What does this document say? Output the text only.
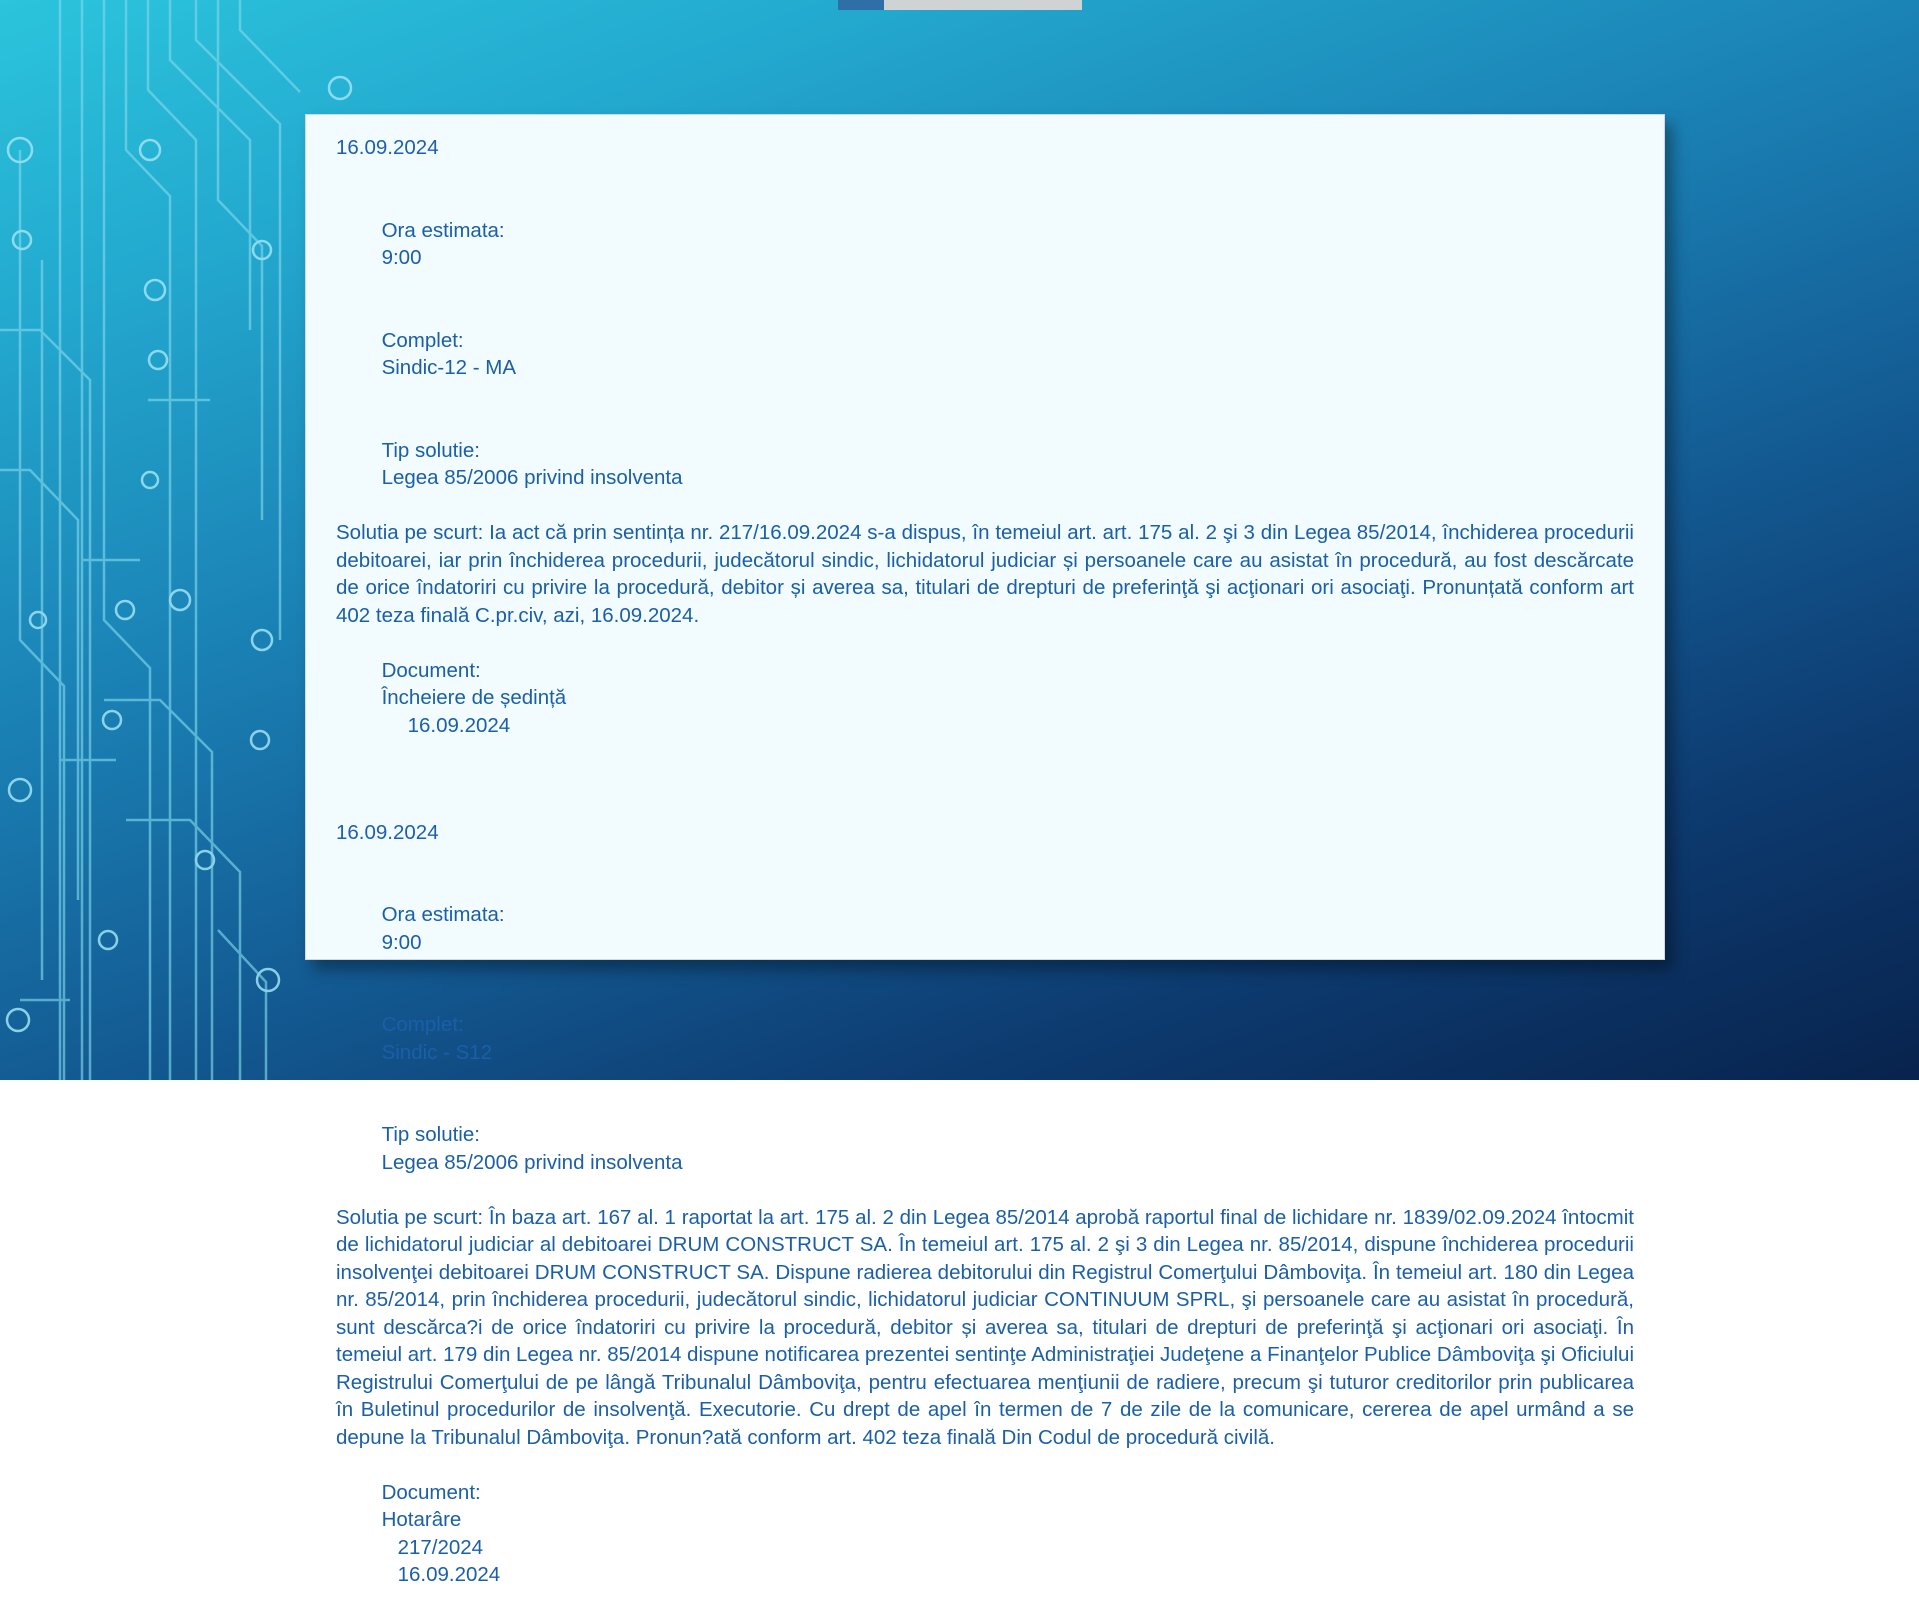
16.09.2024

Ora estimata:
9:00

Complet:
Sindic-12 - MA

Tip solutie:
Legea 85/2006 privind insolventa

Solutia pe scurt: Ia act că prin sentința nr. 217/16.09.2024 s-a dispus, în temeiul art. art. 175 al. 2 şi 3 din Legea 85/2014, închiderea procedurii debitoarei, iar prin închiderea procedurii, judecătorul sindic, lichidatorul judiciar și persoanele care au asistat în procedură, au fost descărcate de orice îndatoriri cu privire la procedură, debitor și averea sa, titulari de drepturi de preferinţă şi acţionari ori asociaţi. Pronunțată conform art 402 teza finală C.pr.civ, azi, 16.09.2024.

Document:
Încheiere de ședință
16.09.2024

16.09.2024

Ora estimata:
9:00

Complet:
Sindic - S12

Tip solutie:
Legea 85/2006 privind insolventa

Solutia pe scurt: În baza art. 167 al. 1 raportat la art. 175 al. 2 din Legea 85/2014 aprobă raportul final de lichidare nr. 1839/02.09.2024 întocmit de lichidatorul judiciar al debitoarei DRUM CONSTRUCT SA. În temeiul art. 175 al. 2 şi 3 din Legea nr. 85/2014, dispune închiderea procedurii insolvenţei debitoarei DRUM CONSTRUCT SA. Dispune radierea debitorului din Registrul Comerţului Dâmboviţa. În temeiul art. 180 din Legea nr. 85/2014, prin închiderea procedurii, judecătorul sindic, lichidatorul judiciar CONTINUUM SPRL, şi persoanele care au asistat în procedură, sunt descărca?i de orice îndatoriri cu privire la procedură, debitor și averea sa, titulari de drepturi de preferinţă şi acţionari ori asociaţi. În temeiul art. 179 din Legea nr. 85/2014 dispune notificarea prezentei sentinţe Administraţiei Judeţene a Finanţelor Publice Dâmboviţa şi Oficiului Registrului Comerţului de pe lângă Tribunalul Dâmboviţa, pentru efectuarea menţiunii de radiere, precum şi tuturor creditorilor prin publicarea în Buletinul procedurilor de insolvenţă. Executorie. Cu drept de apel în termen de 7 de zile de la comunicare, cererea de apel urmând a se depune la Tribunalul Dâmboviţa. Pronun?ată conform art. 402 teza finală Din Codul de procedură civilă.

Document:
Hotarâre
217/2024
16.09.2024
